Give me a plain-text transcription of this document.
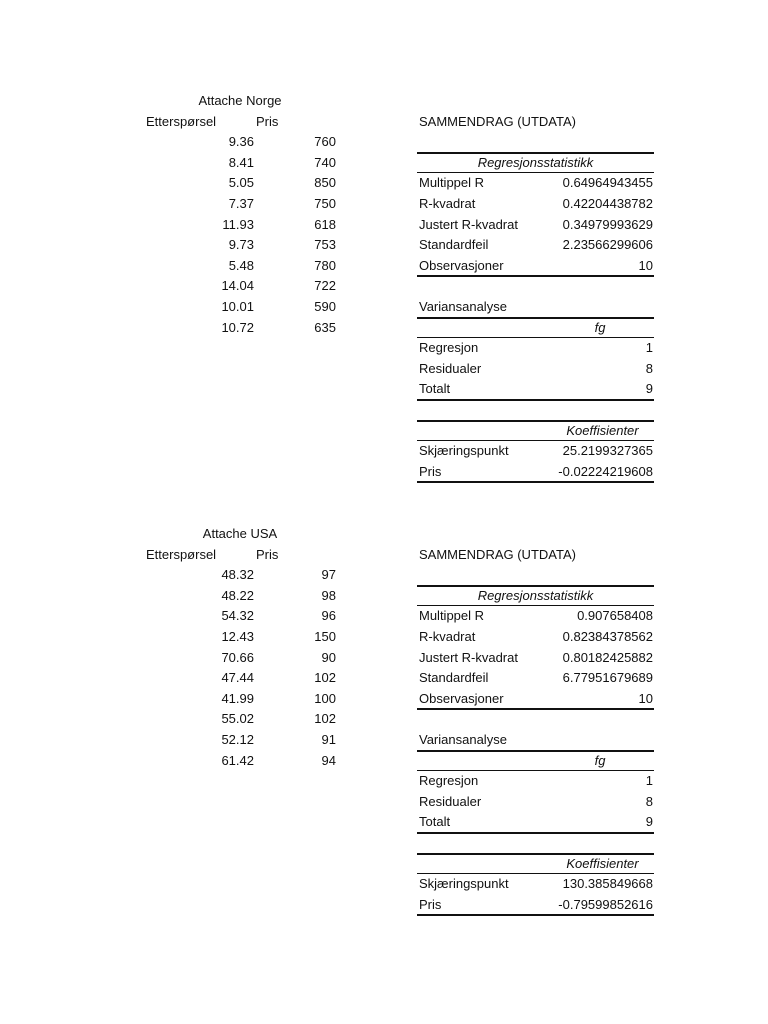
Attache Norge
Etterspørsel	Pris
9.36	760
8.41	740
5.05	850
7.37	750
11.93	618
9.73	753
5.48	780
14.04	722
10.01	590
10.72	635
SAMMENDRAG (UTDATA)
Regresjonsstatistikk
Multippel R	0.64964943455
R-kvadrat	0.42204438782
Justert R-kvadrat	0.34979993629
Standardfeil	2.23566299606
Observasjoner	10
Variansanalyse
fg
Regresjon	1
Residualer	8
Totalt	9
Koeffisienter
Skjæringspunkt	25.2199327365
Pris	-0.02224219608
Attache USA
Etterspørsel	Pris
48.32	97
48.22	98
54.32	96
12.43	150
70.66	90
47.44	102
41.99	100
55.02	102
52.12	91
61.42	94
SAMMENDRAG (UTDATA)
Regresjonsstatistikk
Multippel R	0.907658408
R-kvadrat	0.82384378562
Justert R-kvadrat	0.80182425882
Standardfeil	6.77951679689
Observasjoner	10
Variansanalyse
fg
Regresjon	1
Residualer	8
Totalt	9
Koeffisienter
Skjæringspunkt	130.385849668
Pris	-0.79599852616
